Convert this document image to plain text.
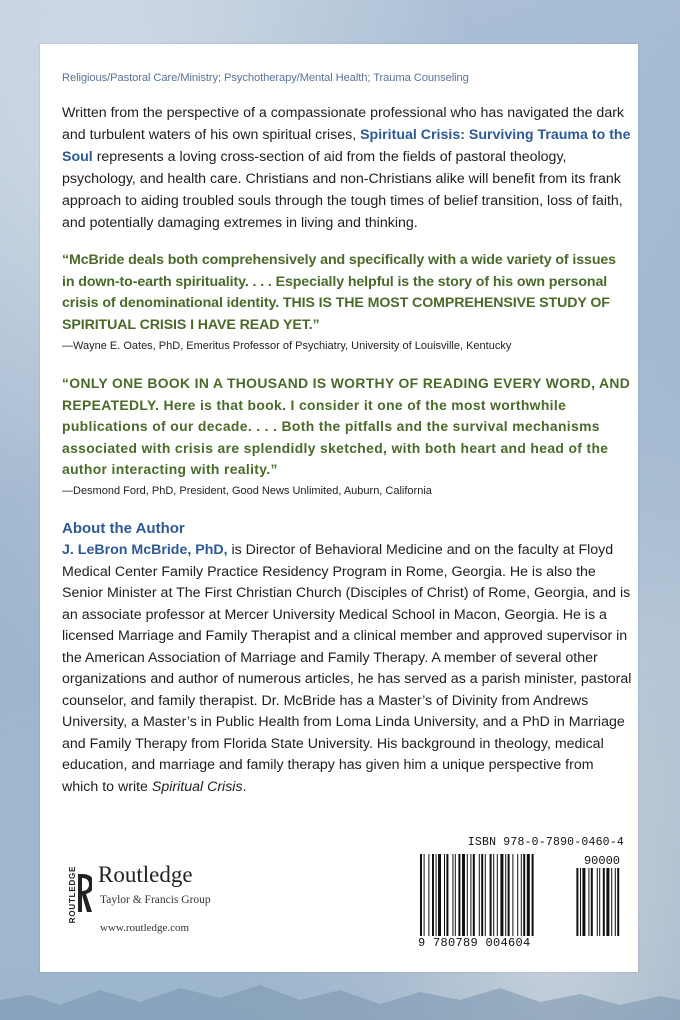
Religious/Pastoral Care/Ministry; Psychotherapy/Mental Health; Trauma Counseling

Written from the perspective of a compassionate professional who has navigated the dark and turbulent waters of his own spiritual crises, Spiritual Crisis: Surviving Trauma to the Soul represents a loving cross-section of aid from the fields of pastoral theology, psychology, and health care. Christians and non-Christians alike will benefit from its frank approach to aiding troubled souls through the tough times of belief transition, loss of faith, and potentially damaging extremes in living and thinking.

“McBride deals both comprehensively and specifically with a wide variety of issues in down-to-earth spirituality. . . . Especially helpful is the story of his own personal crisis of denominational identity. THIS IS THE MOST COMPREHENSIVE STUDY OF SPIRITUAL CRISIS I HAVE READ YET.”

—Wayne E. Oates, PhD, Emeritus Professor of Psychiatry, University of Louisville, Kentucky

“ONLY ONE BOOK IN A THOUSAND IS WORTHY OF READING EVERY WORD, AND REPEATEDLY. Here is that book. I consider it one of the most worthwhile publications of our decade. . . . Both the pitfalls and the survival mechanisms associated with crisis are splendidly sketched, with both heart and head of the author interacting with reality.”

—Desmond Ford, PhD, President, Good News Unlimited, Auburn, California
About the Author

J. LeBron McBride, PhD, is Director of Behavioral Medicine and on the faculty at Floyd Medical Center Family Practice Residency Program in Rome, Georgia. He is also the Senior Minister at The First Christian Church (Disciples of Christ) of Rome, Georgia, and is an associate professor at Mercer University Medical School in Macon, Georgia. He is a licensed Marriage and Family Therapist and a clinical member and approved supervisor in the American Association of Marriage and Family Therapy. A member of several other organizations and author of numerous articles, he has served as a parish minister, pastoral counselor, and family therapist. Dr. McBride has a Master’s of Divinity from Andrews University, a Master’s in Public Health from Loma Linda University, and a PhD in Marriage and Family Therapy from Florida State University. His background in theology, medical education, and marriage and family therapy has given him a unique perspective from which to write Spiritual Crisis.

ROUTLEDGE Routledge
Taylor & Francis Group
www.routledge.com
ISBN 978-0-7890-0460-4
90000
9 780789 004604
